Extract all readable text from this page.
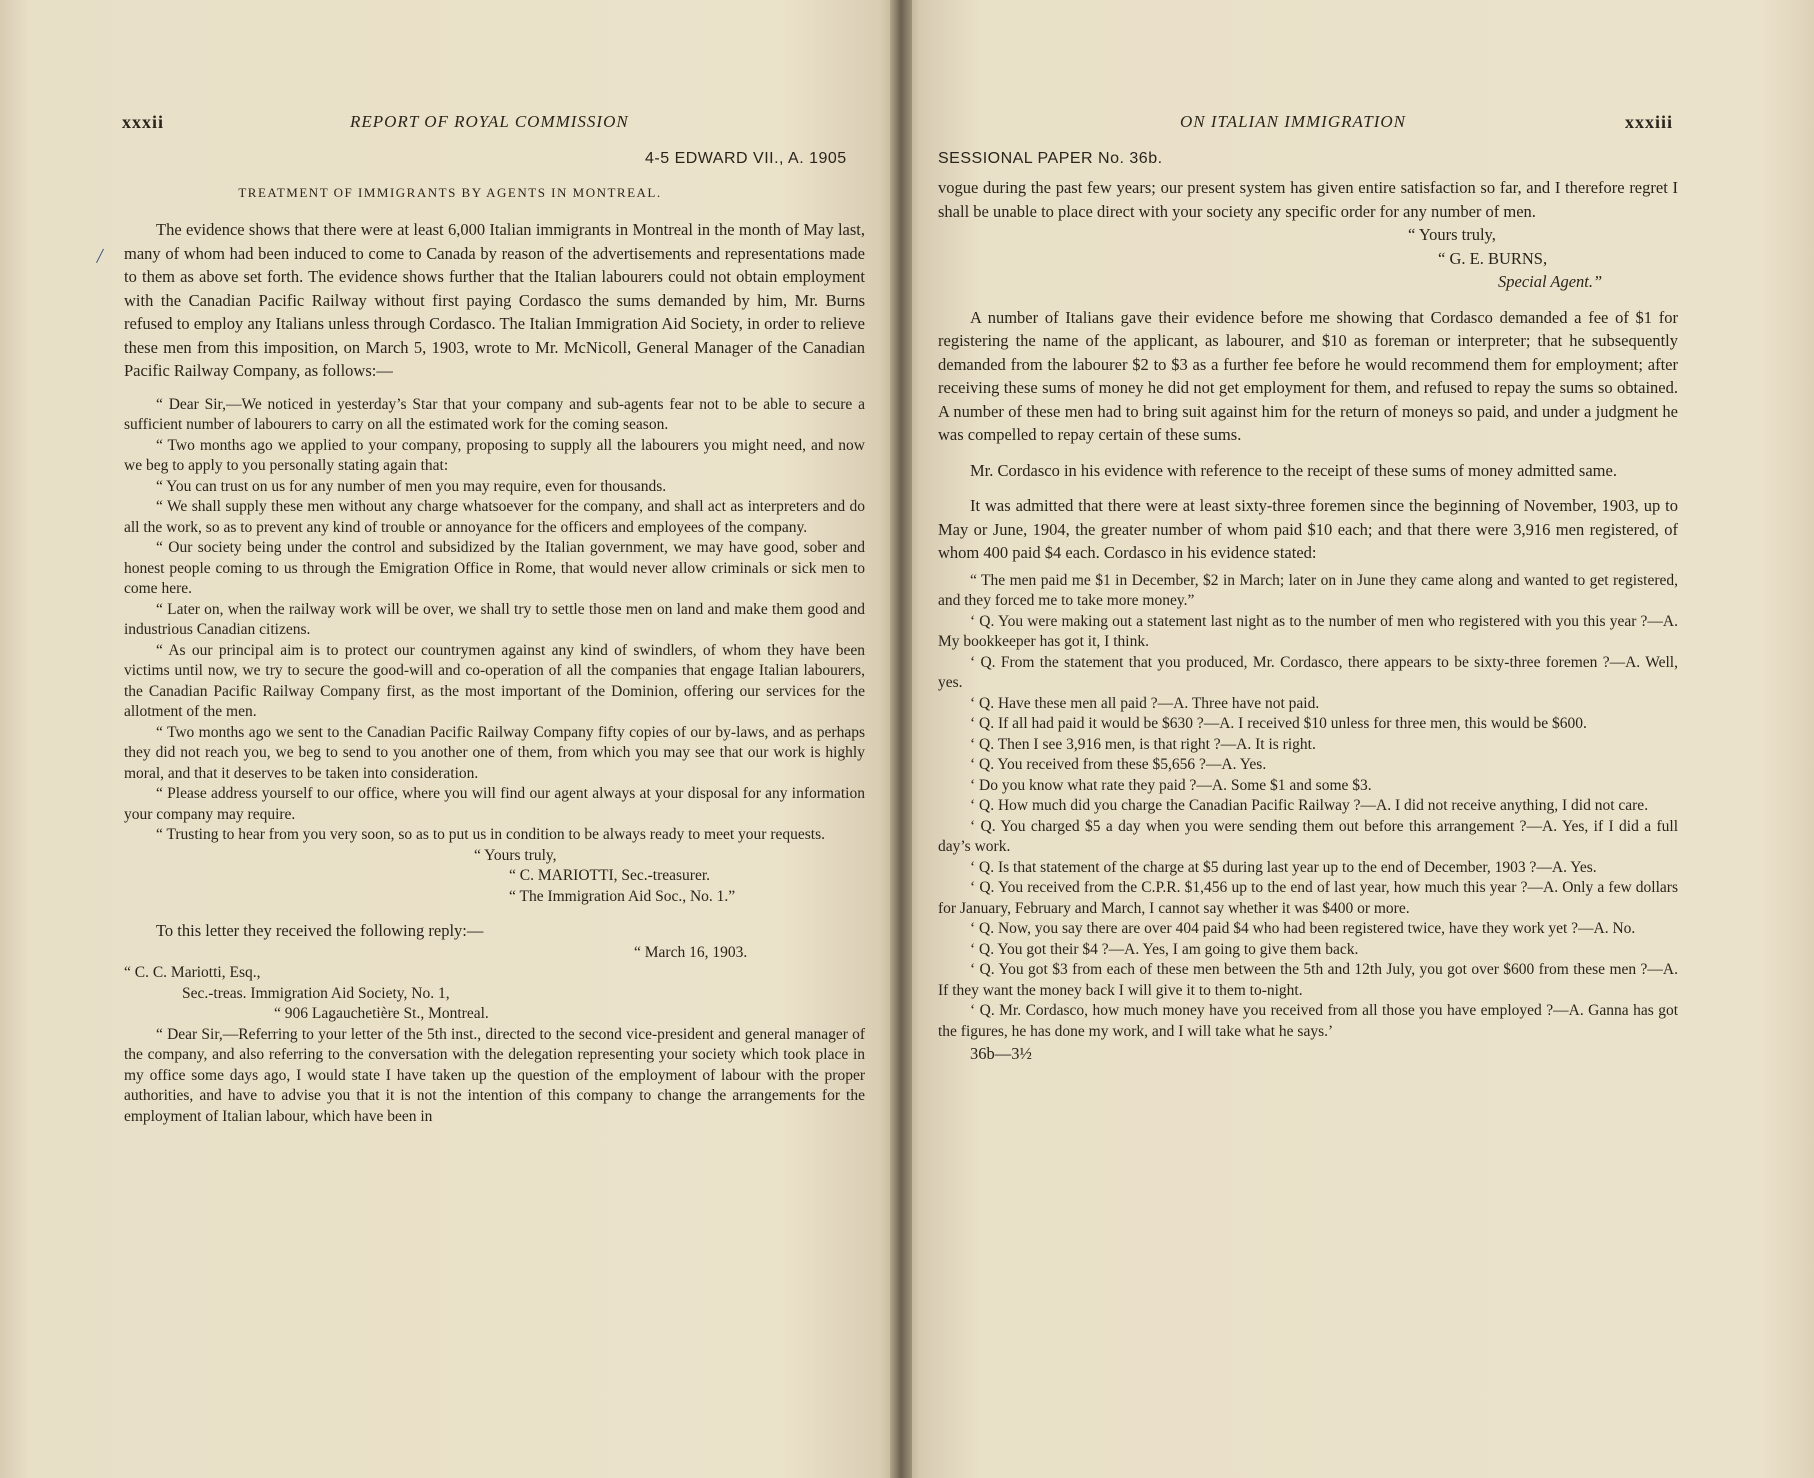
xxxii	REPORT OF ROYAL COMMISSION
4-5 EDWARD VII., A. 1905
TREATMENT OF IMMIGRANTS BY AGENTS IN MONTREAL.
/

The evidence shows that there were at least 6,000 Italian immigrants in Montreal in the month of May last, many of whom had been induced to come to Canada by reason of the advertisements and representations made to them as above set forth. The evidence shows further that the Italian labourers could not obtain employment with the Canadian Pacific Railway without first paying Cordasco the sums demanded by him, Mr. Burns refused to employ any Italians unless through Cordasco. The Italian Immigration Aid Society, in order to relieve these men from this imposition, on March 5, 1903, wrote to Mr. McNicoll, General Manager of the Canadian Pacific Railway Company, as follows:—

“ Dear Sir,—We noticed in yesterday’s Star that your company and sub-agents fear not to be able to secure a sufficient number of labourers to carry on all the estimated work for the coming season.

“ Two months ago we applied to your company, proposing to supply all the labourers you might need, and now we beg to apply to you personally stating again that:

“ You can trust on us for any number of men you may require, even for thousands.

“ We shall supply these men without any charge whatsoever for the company, and shall act as interpreters and do all the work, so as to prevent any kind of trouble or annoyance for the officers and employees of the company.

“ Our society being under the control and subsidized by the Italian government, we may have good, sober and honest people coming to us through the Emigration Office in Rome, that would never allow criminals or sick men to come here.

“ Later on, when the railway work will be over, we shall try to settle those men on land and make them good and industrious Canadian citizens.

“ As our principal aim is to protect our countrymen against any kind of swindlers, of whom they have been victims until now, we try to secure the good-will and co-operation of all the companies that engage Italian labourers, the Canadian Pacific Railway Company first, as the most important of the Dominion, offering our services for the allotment of the men.

“ Two months ago we sent to the Canadian Pacific Railway Company fifty copies of our by-laws, and as perhaps they did not reach you, we beg to send to you another one of them, from which you may see that our work is highly moral, and that it deserves to be taken into consideration.

“ Please address yourself to our office, where you will find our agent always at your disposal for any information your company may require.

“ Trusting to hear from you very soon, so as to put us in condition to be always ready to meet your requests.

“ Yours truly,

“ C. MARIOTTI, Sec.-treasurer.

“ The Immigration Aid Soc., No. 1.”

To this letter they received the following reply:—

“ March 16, 1903.

“ C. C. Mariotti, Esq.,

Sec.-treas. Immigration Aid Society, No. 1,

“ 906 Lagauchetière St., Montreal.

“ Dear Sir,—Referring to your letter of the 5th inst., directed to the second vice-president and general manager of the company, and also referring to the conversation with the delegation representing your society which took place in my office some days ago, I would state I have taken up the question of the employment of labour with the proper authorities, and have to advise you that it is not the intention of this company to change the arrangements for the employment of Italian labour, which have been in

ON ITALIAN IMMIGRATION	xxxiii
SESSIONAL PAPER No. 36b.

vogue during the past few years; our present system has given entire satisfaction so far, and I therefore regret I shall be unable to place direct with your society any specific order for any number of men.

“ Yours truly,

“ G. E. BURNS,

Special Agent.”

A number of Italians gave their evidence before me showing that Cordasco demanded a fee of $1 for registering the name of the applicant, as labourer, and $10 as foreman or interpreter; that he subsequently demanded from the labourer $2 to $3 as a further fee before he would recommend them for employment; after receiving these sums of money he did not get employment for them, and refused to repay the sums so obtained. A number of these men had to bring suit against him for the return of moneys so paid, and under a judgment he was compelled to repay certain of these sums.

Mr. Cordasco in his evidence with reference to the receipt of these sums of money admitted same.

It was admitted that there were at least sixty-three foremen since the beginning of November, 1903, up to May or June, 1904, the greater number of whom paid $10 each; and that there were 3,916 men registered, of whom 400 paid $4 each. Cordasco in his evidence stated:

“ The men paid me $1 in December, $2 in March; later on in June they came along and wanted to get registered, and they forced me to take more money.”

‘ Q. You were making out a statement last night as to the number of men who registered with you this year ?—A. My bookkeeper has got it, I think.

‘ Q. From the statement that you produced, Mr. Cordasco, there appears to be sixty-three foremen ?—A. Well, yes.

‘ Q. Have these men all paid ?—A. Three have not paid.

‘ Q. If all had paid it would be $630 ?—A. I received $10 unless for three men, this would be $600.

‘ Q. Then I see 3,916 men, is that right ?—A. It is right.

‘ Q. You received from these $5,656 ?—A. Yes.

‘ Do you know what rate they paid ?—A. Some $1 and some $3.

‘ Q. How much did you charge the Canadian Pacific Railway ?—A. I did not receive anything, I did not care.

‘ Q. You charged $5 a day when you were sending them out before this arrangement ?—A. Yes, if I did a full day’s work.

‘ Q. Is that statement of the charge at $5 during last year up to the end of December, 1903 ?—A. Yes.

‘ Q. You received from the C.P.R. $1,456 up to the end of last year, how much this year ?—A. Only a few dollars for January, February and March, I cannot say whether it was $400 or more.

‘ Q. Now, you say there are over 404 paid $4 who had been registered twice, have they work yet ?—A. No.

‘ Q. You got their $4 ?—A. Yes, I am going to give them back.

‘ Q. You got $3 from each of these men between the 5th and 12th July, you got over $600 from these men ?—A. If they want the money back I will give it to them to-night.

‘ Q. Mr. Cordasco, how much money have you received from all those you have employed ?—A. Ganna has got the figures, he has done my work, and I will take what he says.’

36b—3½
